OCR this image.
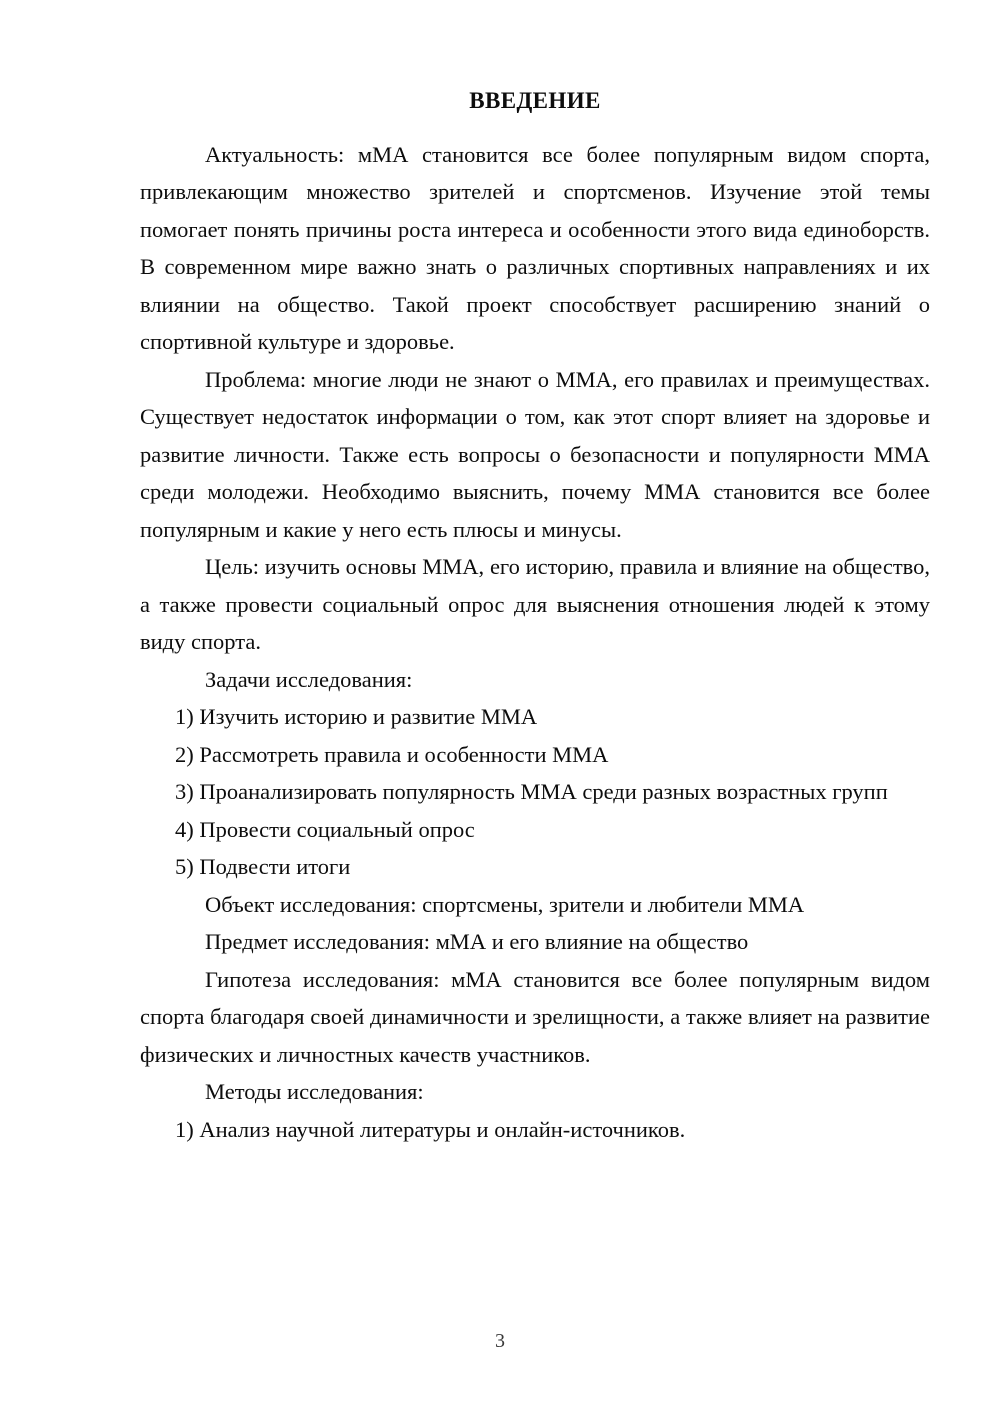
ВВЕДЕНИЕ

Актуальность: мМА становится все более популярным видом спорта, привлекающим множество зрителей и спортсменов. Изучение этой темы помогает понять причины роста интереса и особенности этого вида единоборств. В современном мире важно знать о различных спортивных направлениях и их влиянии на общество. Такой проект способствует расширению знаний о спортивной культуре и здоровье.

Проблема: многие люди не знают о ММА, его правилах и преимуществах. Существует недостаток информации о том, как этот спорт влияет на здоровье и развитие личности. Также есть вопросы о безопасности и популярности ММА среди молодежи. Необходимо выяснить, почему ММА становится все более популярным и какие у него есть плюсы и минусы.

Цель: изучить основы ММА, его историю, правила и влияние на общество, а также провести социальный опрос для выяснения отношения людей к этому виду спорта.

Задачи исследования:

1) Изучить историю и развитие ММА

2) Рассмотреть правила и особенности ММА

3) Проанализировать популярность ММА среди разных возрастных групп

4) Провести социальный опрос

5) Подвести итоги

Объект исследования: спортсмены, зрители и любители ММА

Предмет исследования: мМА и его влияние на общество

Гипотеза исследования: мМА становится все более популярным видом спорта благодаря своей динамичности и зрелищности, а также влияет на развитие физических и личностных качеств участников.

Методы исследования:

1) Анализ научной литературы и онлайн-источников.

3
